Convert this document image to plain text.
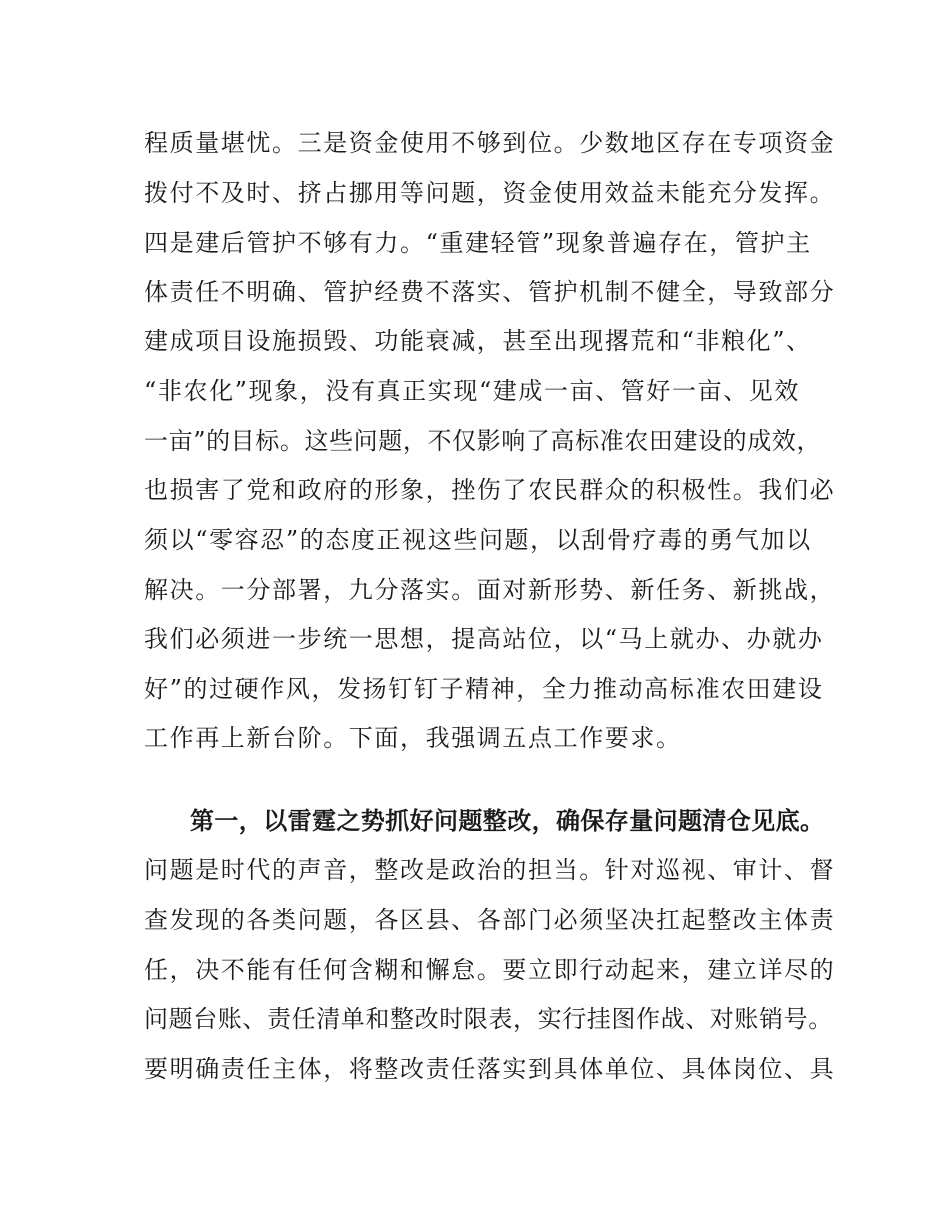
程质量堪忧。三是资金使用不够到位。少数地区存在专项资金
拨付不及时、挤占挪用等问题，资金使用效益未能充分发挥。
四是建后管护不够有力。“重建轻管”现象普遍存在，管护主
体责任不明确、管护经费不落实、管护机制不健全，导致部分
建成项目设施损毁、功能衰减，甚至出现撂荒和“非粮化”、
“非农化”现象，没有真正实现“建成一亩、管好一亩、见效
一亩”的目标。这些问题，不仅影响了高标准农田建设的成效，
也损害了党和政府的形象，挫伤了农民群众的积极性。我们必
须以“零容忍”的态度正视这些问题，以刮骨疗毒的勇气加以
解决。一分部署，九分落实。面对新形势、新任务、新挑战，
我们必须进一步统一思想，提高站位，以“马上就办、办就办
好”的过硬作风，发扬钉钉子精神，全力推动高标准农田建设
工作再上新台阶。下面，我强调五点工作要求。
第一，以雷霆之势抓好问题整改，确保存量问题清仓见底。
问题是时代的声音，整改是政治的担当。针对巡视、审计、督
查发现的各类问题，各区县、各部门必须坚决扛起整改主体责
任，决不能有任何含糊和懈怠。要立即行动起来，建立详尽的
问题台账、责任清单和整改时限表，实行挂图作战、对账销号。
要明确责任主体，将整改责任落实到具体单位、具体岗位、具
